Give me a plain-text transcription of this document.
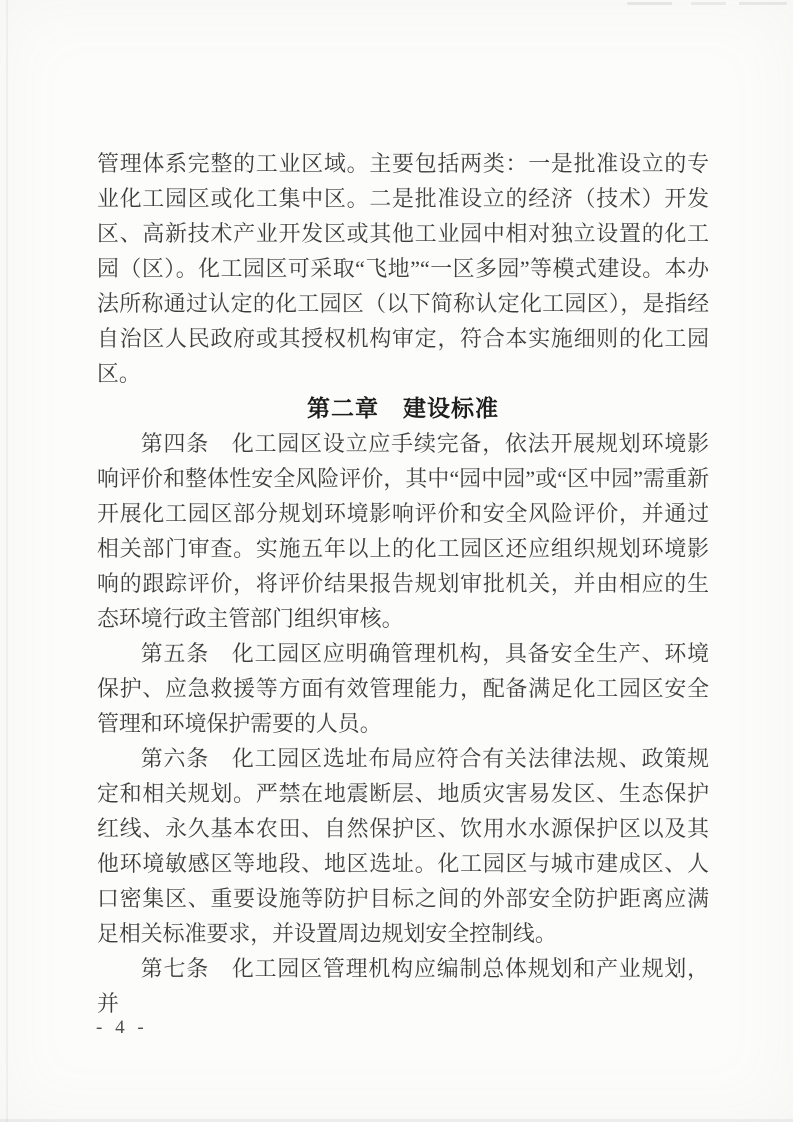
管理体系完整的工业区域。主要包括两类：一是批准设立的专业化工园区或化工集中区。二是批准设立的经济（技术）开发区、高新技术产业开发区或其他工业园中相对独立设置的化工园（区）。化工园区可采取“飞地”“一区多园”等模式建设。本办法所称通过认定的化工园区（以下简称认定化工园区），是指经自治区人民政府或其授权机构审定，符合本实施细则的化工园区。

第二章　建设标准

第四条　化工园区设立应手续完备，依法开展规划环境影响评价和整体性安全风险评价，其中“园中园”或“区中园”需重新开展化工园区部分规划环境影响评价和安全风险评价，并通过相关部门审查。实施五年以上的化工园区还应组织规划环境影响的跟踪评价，将评价结果报告规划审批机关，并由相应的生态环境行政主管部门组织审核。

第五条　化工园区应明确管理机构，具备安全生产、环境保护、应急救援等方面有效管理能力，配备满足化工园区安全管理和环境保护需要的人员。

第六条　化工园区选址布局应符合有关法律法规、政策规定和相关规划。严禁在地震断层、地质灾害易发区、生态保护红线、永久基本农田、自然保护区、饮用水水源保护区以及其他环境敏感区等地段、地区选址。化工园区与城市建成区、人口密集区、重要设施等防护目标之间的外部安全防护距离应满足相关标准要求，并设置周边规划安全控制线。

第七条　化工园区管理机构应编制总体规划和产业规划，并

- 4 -
